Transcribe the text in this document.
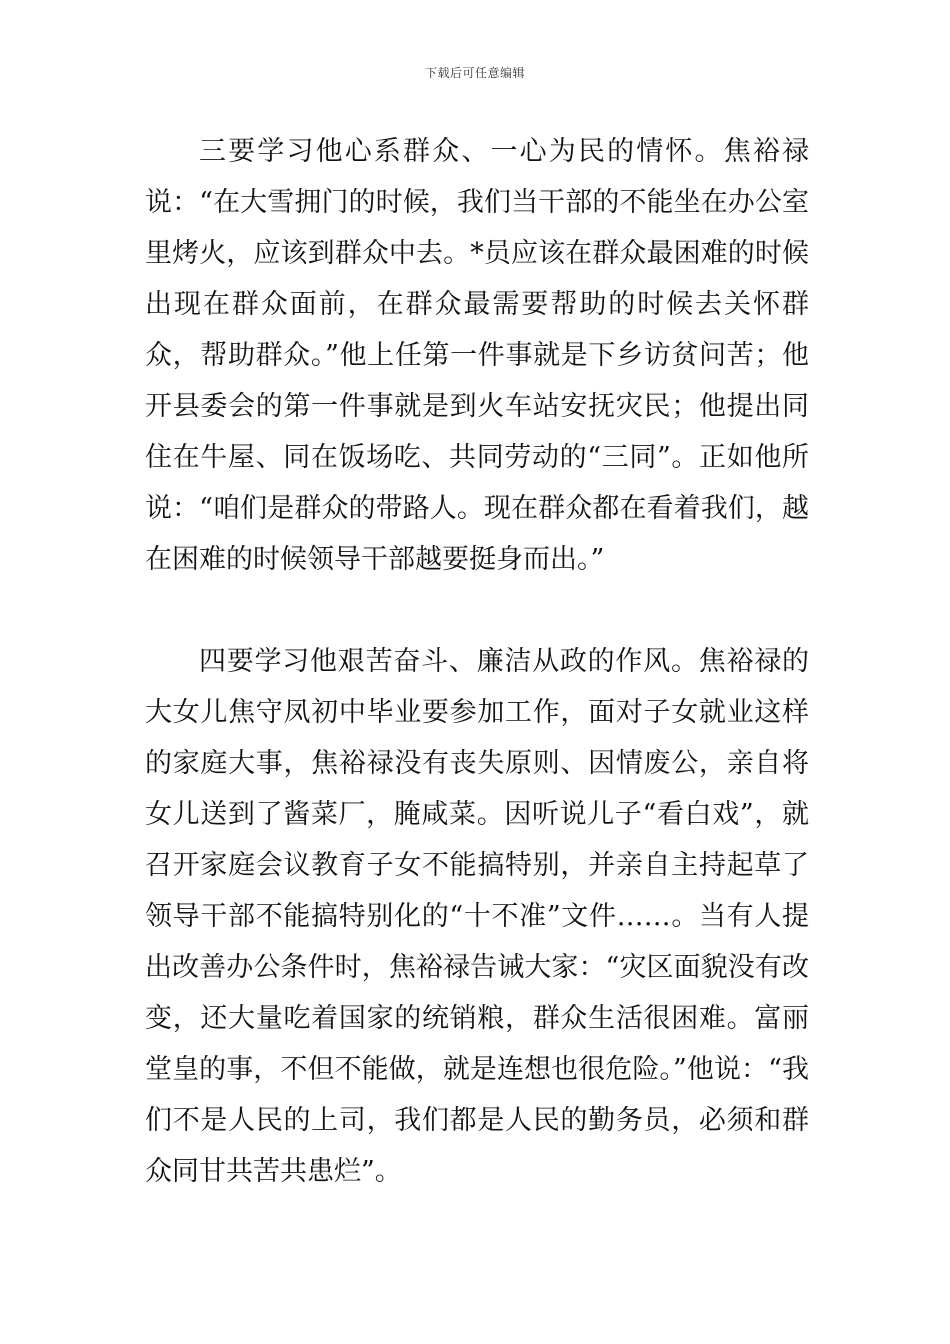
下载后可任意编辑

三要学习他心系群众、一心为民的情怀。焦裕禄说：“在大雪拥门的时候，我们当干部的不能坐在办公室里烤火，应该到群众中去。*员应该在群众最困难的时候出现在群众面前，在群众最需要帮助的时候去关怀群众，帮助群众。”他上任第一件事就是下乡访贫问苦；他开县委会的第一件事就是到火车站安抚灾民；他提出同住在牛屋、同在饭场吃、共同劳动的“三同”。正如他所说：“咱们是群众的带路人。现在群众都在看着我们，越在困难的时候领导干部越要挺身而出。”

四要学习他艰苦奋斗、廉洁从政的作风。焦裕禄的大女儿焦守凤初中毕业要参加工作，面对子女就业这样的家庭大事，焦裕禄没有丧失原则、因情废公，亲自将女儿送到了酱菜厂，腌咸菜。因听说儿子“看白戏”，就召开家庭会议教育子女不能搞特别，并亲自主持起草了领导干部不能搞特别化的“十不准”文件……。当有人提出改善办公条件时，焦裕禄告诫大家：“灾区面貌没有改变，还大量吃着国家的统销粮，群众生活很困难。富丽堂皇的事，不但不能做，就是连想也很危险。”他说：“我们不是人民的上司，我们都是人民的勤务员，必须和群众同甘共苦共患烂”。
